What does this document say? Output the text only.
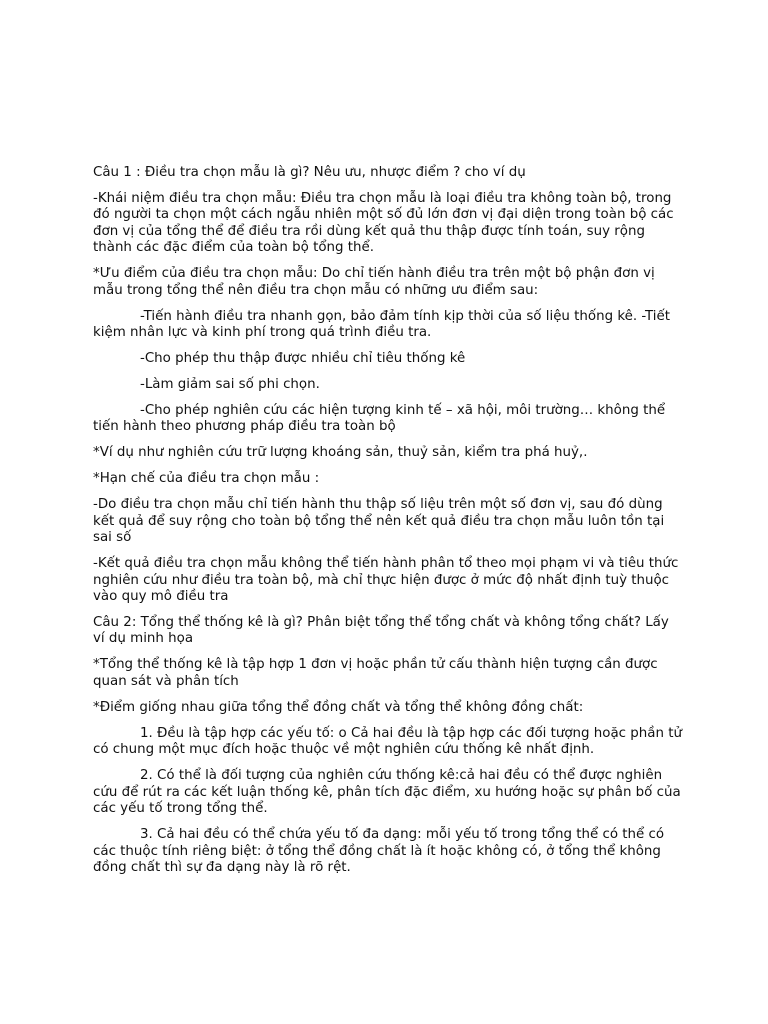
Câu 1 : Điều tra chọn mẫu là gì? Nêu ưu, nhược điểm ? cho ví dụ

-Khái niệm điều tra chọn mẫu: Điều tra chọn mẫu là loại điều tra không toàn bộ, trong đó người ta chọn một cách ngẫu nhiên một số đủ lớn đơn vị đại diện trong toàn bộ các đơn vị của tổng thể để điều tra rồi dùng kết quả thu thập được tính toán, suy rộng thành các đặc điểm của toàn bộ tổng thể.

*Ưu điểm của điều tra chọn mẫu: Do chỉ tiến hành điều tra trên một bộ phận đơn vị mẫu trong tổng thể nên điều tra chọn mẫu có những ưu điểm sau:

-Tiến hành điều tra nhanh gọn, bảo đảm tính kịp thời của số liệu thống kê. -Tiết kiệm nhân lực và kinh phí trong quá trình điều tra.

-Cho phép thu thập được nhiều chỉ tiêu thống kê

-Làm giảm sai số phi chọn.

-Cho phép nghiên cứu các hiện tượng kinh tế – xã hội, môi trường… không thể tiến hành theo phương pháp điều tra toàn bộ

*Ví dụ như nghiên cứu trữ lượng khoáng sản, thuỷ sản, kiểm tra phá huỷ,.

*Hạn chế của điều tra chọn mẫu :

-Do điều tra chọn mẫu chỉ tiến hành thu thập số liệu trên một số đơn vị, sau đó dùng kết quả để suy rộng cho toàn bộ tổng thể nên kết quả điều tra chọn mẫu luôn tồn tại sai số

-Kết quả điều tra chọn mẫu không thể tiến hành phân tổ theo mọi phạm vi và tiêu thức nghiên cứu như điều tra toàn bộ, mà chỉ thực hiện được ở mức độ nhất định tuỳ thuộc vào quy mô điều tra

Câu 2: Tổng thể thống kê là gì? Phân biệt tổng thể tổng chất và không tổng chất? Lấy ví dụ minh họa

*Tổng thể thống kê là tập hợp 1 đơn vị hoặc phần tử cấu thành hiện tượng cần được quan sát và phân tích

*Điểm giống nhau giữa tổng thể đồng chất và tổng thể không đồng chất:

1. Đều là tập hợp các yếu tố: o Cả hai đều là tập hợp các đối tượng hoặc phần tử có chung một mục đích hoặc thuộc về một nghiên cứu thống kê nhất định.

2. Có thể là đối tượng của nghiên cứu thống kê:cả hai đều có thể được nghiên cứu để rút ra các kết luận thống kê, phân tích đặc điểm, xu hướng hoặc sự phân bố của các yếu tố trong tổng thể.

3. Cả hai đều có thể chứa yếu tố đa dạng: mỗi yếu tố trong tổng thể có thể có các thuộc tính riêng biệt: ở tổng thể đồng chất là ít hoặc không có, ở tổng thể không đồng chất thì sự đa dạng này là rõ rệt.
